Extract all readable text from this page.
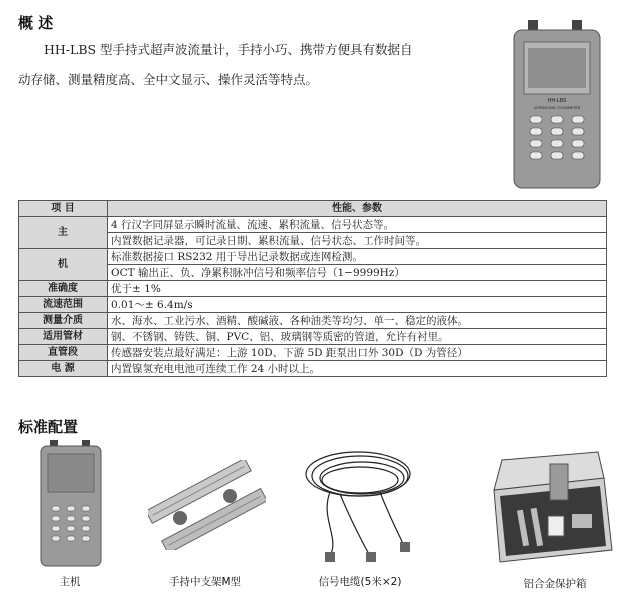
概 述
HH-LBS 型手持式超声波流量计，手持小巧、携带方便具有数据自
动存储、测量精度高、全中文显示、操作灵活等特点。
HH-LBS
ULTRASONIC FLOWMETER
项 目	性能、参数
主	4 行汉字同屏显示瞬时流量、流速、累积流量、信号状态等。
	内置数据记录器，可记录日期、累积流量、信号状态、工作时间等。
机	标准数据接口 RS232 用于导出记录数据或连网检测。
	OCT 输出正、负、净累积脉冲信号和频率信号（1−9999Hz）
准确度	优于± 1%
流速范围	0.01～± 6.4m/s
测量介质	水、海水、工业污水、酒精、酸碱液、各种油类等均匀、单一、稳定的液体。
适用管材	钢、不锈钢、铸铁、铜、PVC、铝、玻璃钢等质密的管道，允许有衬里。
直管段	传感器安装点最好满足：上游 10D、下游 5D 距泵出口外 30D（D 为管径）
电 源	内置镍氢充电电池可连续工作 24 小时以上。
标准配置
主机	手持中支架M型	信号电缆(5米×2)	铝合金保护箱
